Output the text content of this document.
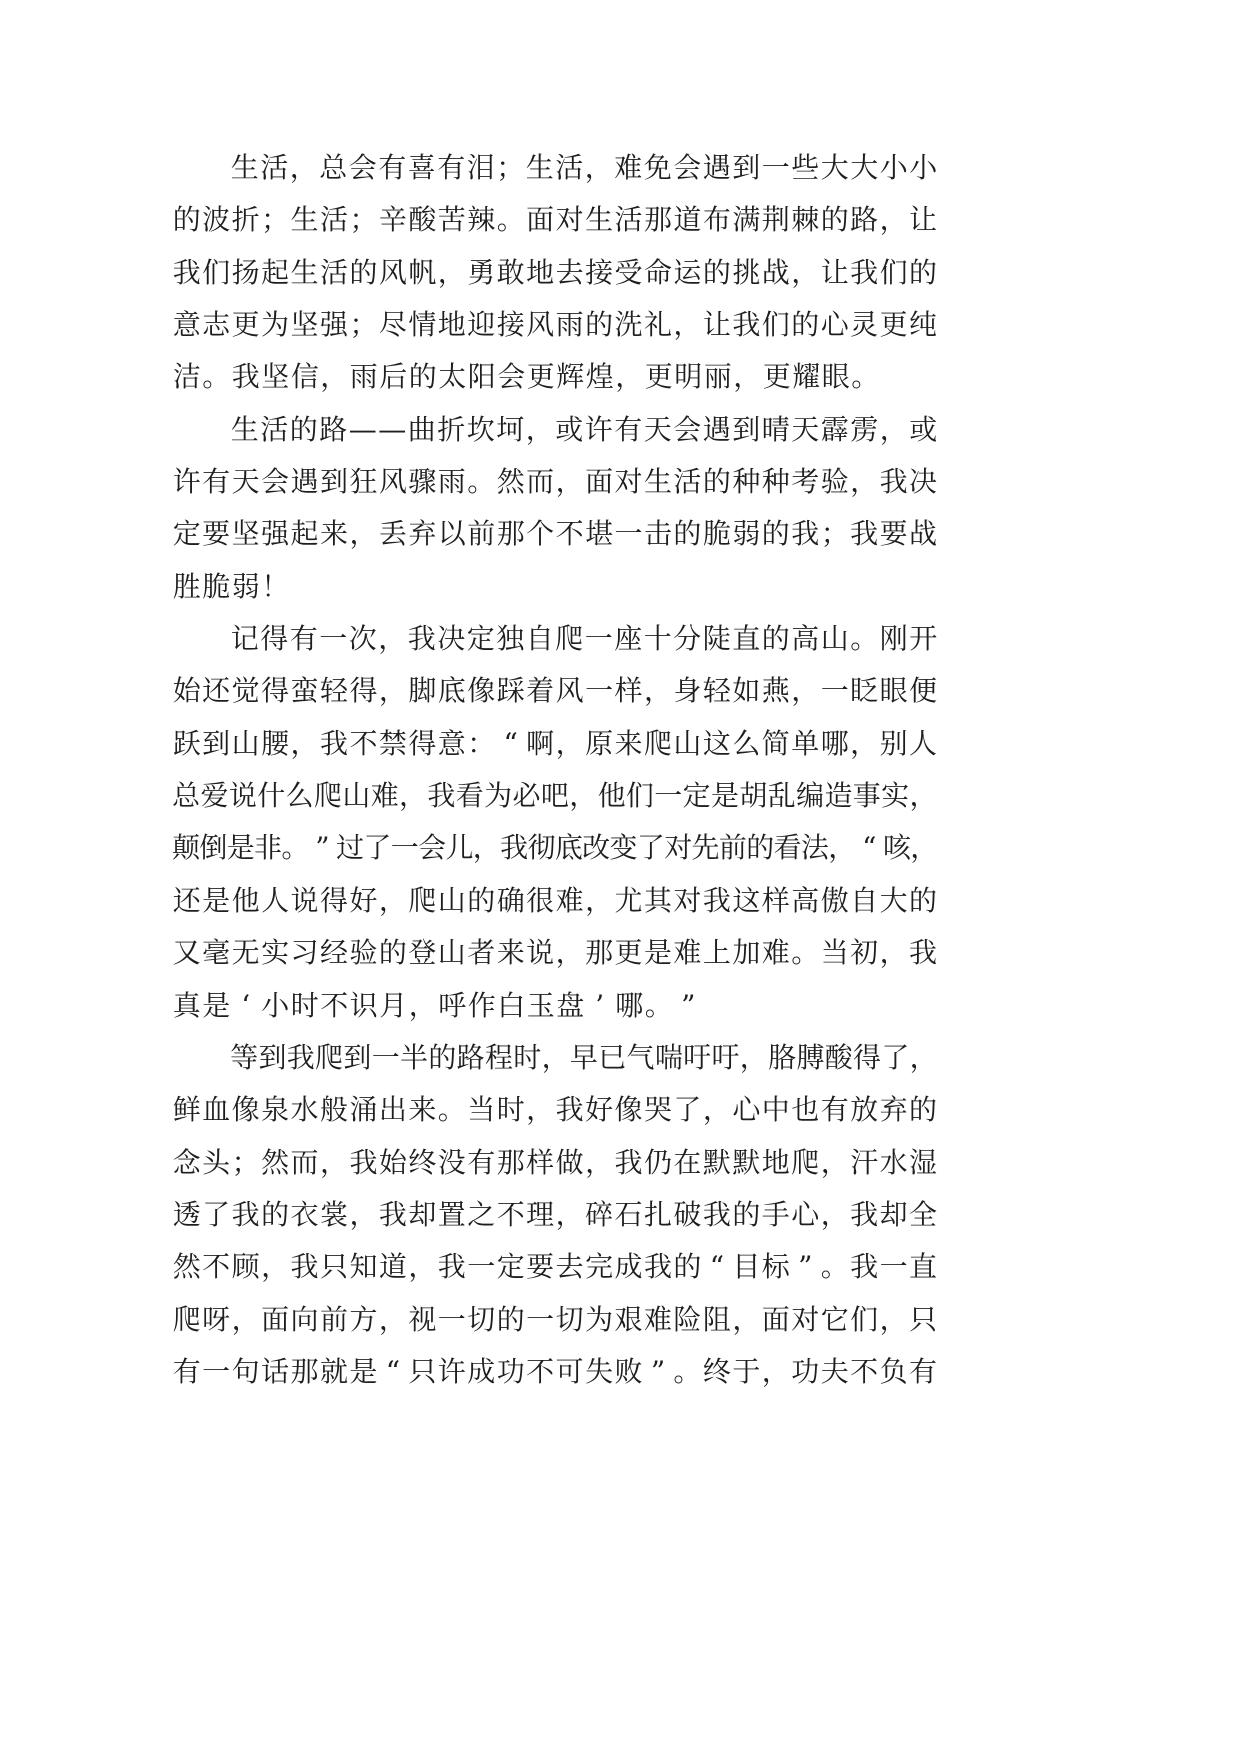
生活，总会有喜有泪；生活，难免会遇到一些大大小小
的波折；生活；辛酸苦辣。面对生活那道布满荆棘的路，让
我们扬起生活的风帆，勇敢地去接受命运的挑战，让我们的
意志更为坚强；尽情地迎接风雨的洗礼，让我们的心灵更纯
洁。我坚信，雨后的太阳会更辉煌，更明丽，更耀眼。
生活的路——曲折坎坷，或许有天会遇到晴天霹雳，或
许有天会遇到狂风骤雨。然而，面对生活的种种考验，我决
定要坚强起来，丢弃以前那个不堪一击的脆弱的我；我要战
胜脆弱！
记得有一次，我决定独自爬一座十分陡直的高山。刚开
始还觉得蛮轻得，脚底像踩着风一样，身轻如燕，一眨眼便
跃到山腰，我不禁得意： “ 啊，原来爬山这么简单哪，别人
总爱说什么爬山难，我看为必吧，他们一定是胡乱编造事实，
颠倒是非。 ” 过了一会儿，我彻底改变了对先前的看法， “ 咳，
还是他人说得好，爬山的确很难，尤其对我这样高傲自大的
又毫无实习经验的登山者来说，那更是难上加难。当初，我
真是 ‘ 小时不识月，呼作白玉盘 ’ 哪。 ”
等到我爬到一半的路程时，早已气喘吁吁，胳膊酸得了，
鲜血像泉水般涌出来。当时，我好像哭了，心中也有放弃的
念头；然而，我始终没有那样做，我仍在默默地爬，汗水湿
透了我的衣裳，我却置之不理，碎石扎破我的手心，我却全
然不顾，我只知道，我一定要去完成我的 “ 目标 ” 。我一直
爬呀，面向前方，视一切的一切为艰难险阻，面对它们，只
有一句话那就是 “ 只许成功不可失败 ” 。终于，功夫不负有
